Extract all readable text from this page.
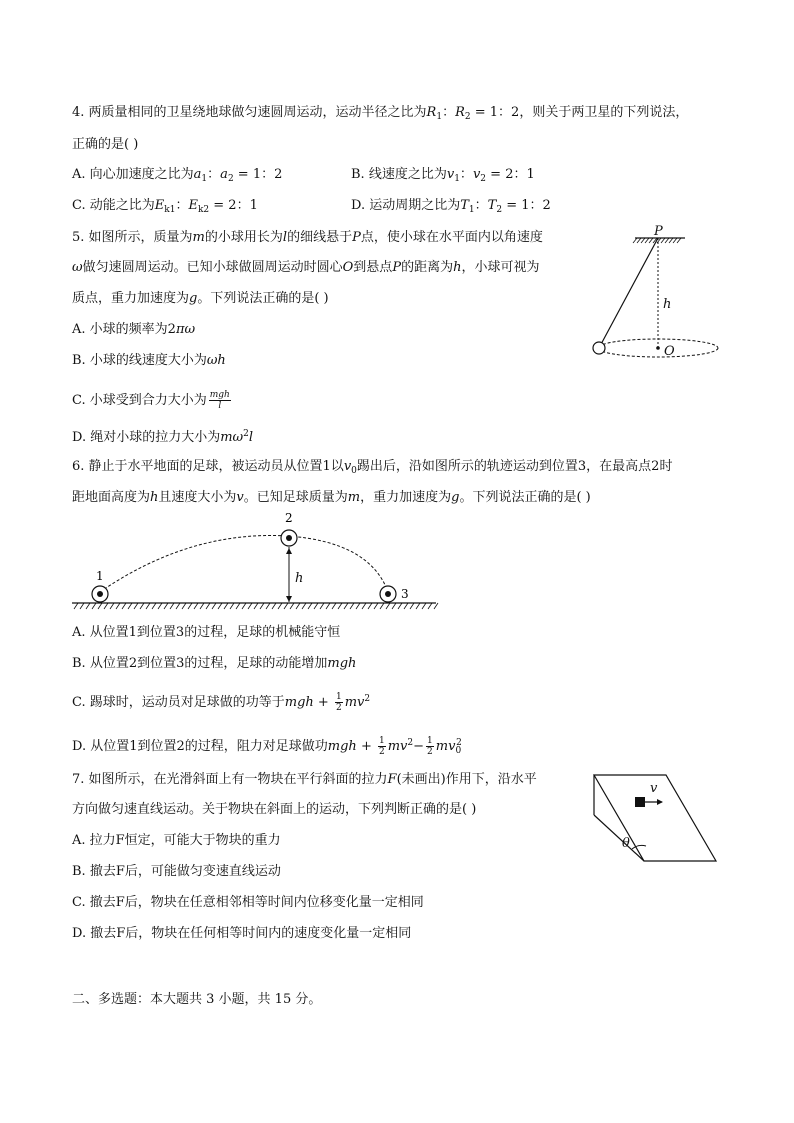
4. 两质量相同的卫星绕地球做匀速圆周运动，运动半径之比为$R_1$：$R_2 = 1$：2，则关于两卫星的下列说法，
正确的是( )
A. 向心加速度之比为$a_1$：$a_2 = 1$：2	B. 线速度之比为$v_1$：$v_2 = 2$：1
C. 动能之比为$E_{k1}$：$E_{k2} = 2$：1	D. 运动周期之比为$T_1$：$T_2 = 1$：2
5. 如图所示，质量为m的小球用长为l的细线悬于P点，使小球在水平面内以角速度
ω做匀速圆周运动。已知小球做圆周运动时圆心O到悬点P的距离为h，小球可视为
质点，重力加速度为g。下列说法正确的是( )
A. 小球的频率为2πω
B. 小球的线速度大小为ωh
C. 小球受到合力大小为 $\frac{\text{mgh}}{l}$
D. 绳对小球的拉力大小为$m\omega^2l$
P
h
O
6. 静止于水平地面的足球，被运动员从位置1以$v_0$踢出后，沿如图所示的轨迹运动到位置3，在最高点2时
距地面高度为h且速度大小为v。已知足球质量为m，重力加速度为g。下列说法正确的是( )
h
1
2
3
A. 从位置1到位置3的过程，足球的机械能守恒
B. 从位置2到位置3的过程，足球的动能增加mgh
C. 踢球时，运动员对足球做的功等于mgh + $\frac{1}{2} mv^2$
D. 从位置1到位置2的过程，阻力对足球做功mgh + $\frac{1}{2} mv^2- \frac{1}{2} mv_0^2$
7. 如图所示，在光滑斜面上有一物块在平行斜面的拉力F(未画出)作用下，沿水平
方向做匀速直线运动。关于物块在斜面上的运动，下列判断正确的是( )
A. 拉力F恒定，可能大于物块的重力
B. 撤去F后，可能做匀变速直线运动
C. 撤去F后，物块在任意相邻相等时间内位移变化量一定相同
D. 撤去F后，物块在任何相等时间内的速度变化量一定相同
θ
v
二、多选题：本大题共 3 小题，共 15 分。
